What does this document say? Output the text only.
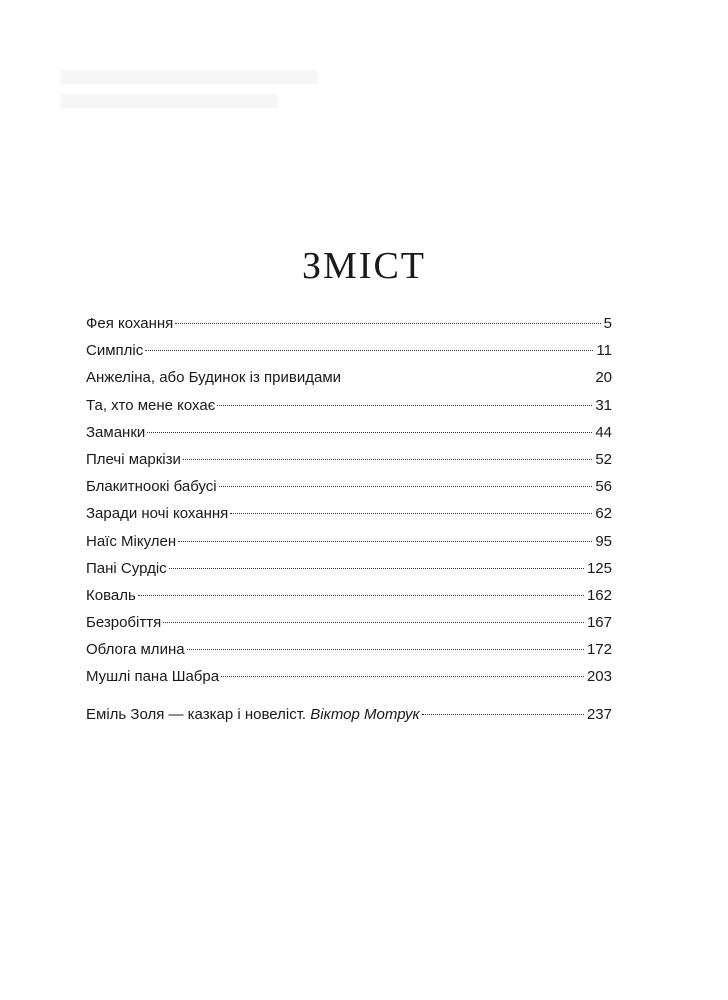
ЗМІСТ
Фея кохання	5
Симпліс	11
Анжеліна, або Будинок із привидами	20
Та, хто мене кохає	31
Заманки	44
Плечі маркізи	52
Блакитноокі бабусі	56
Заради ночі кохання	62
Наїс Мікулен	95
Пані Сурдіс	125
Коваль	162
Безробіття	167
Облога млина	172
Мушлі пана Шабра	203
Еміль Золя — казкар і новеліст. Віктор Мотрук	237
